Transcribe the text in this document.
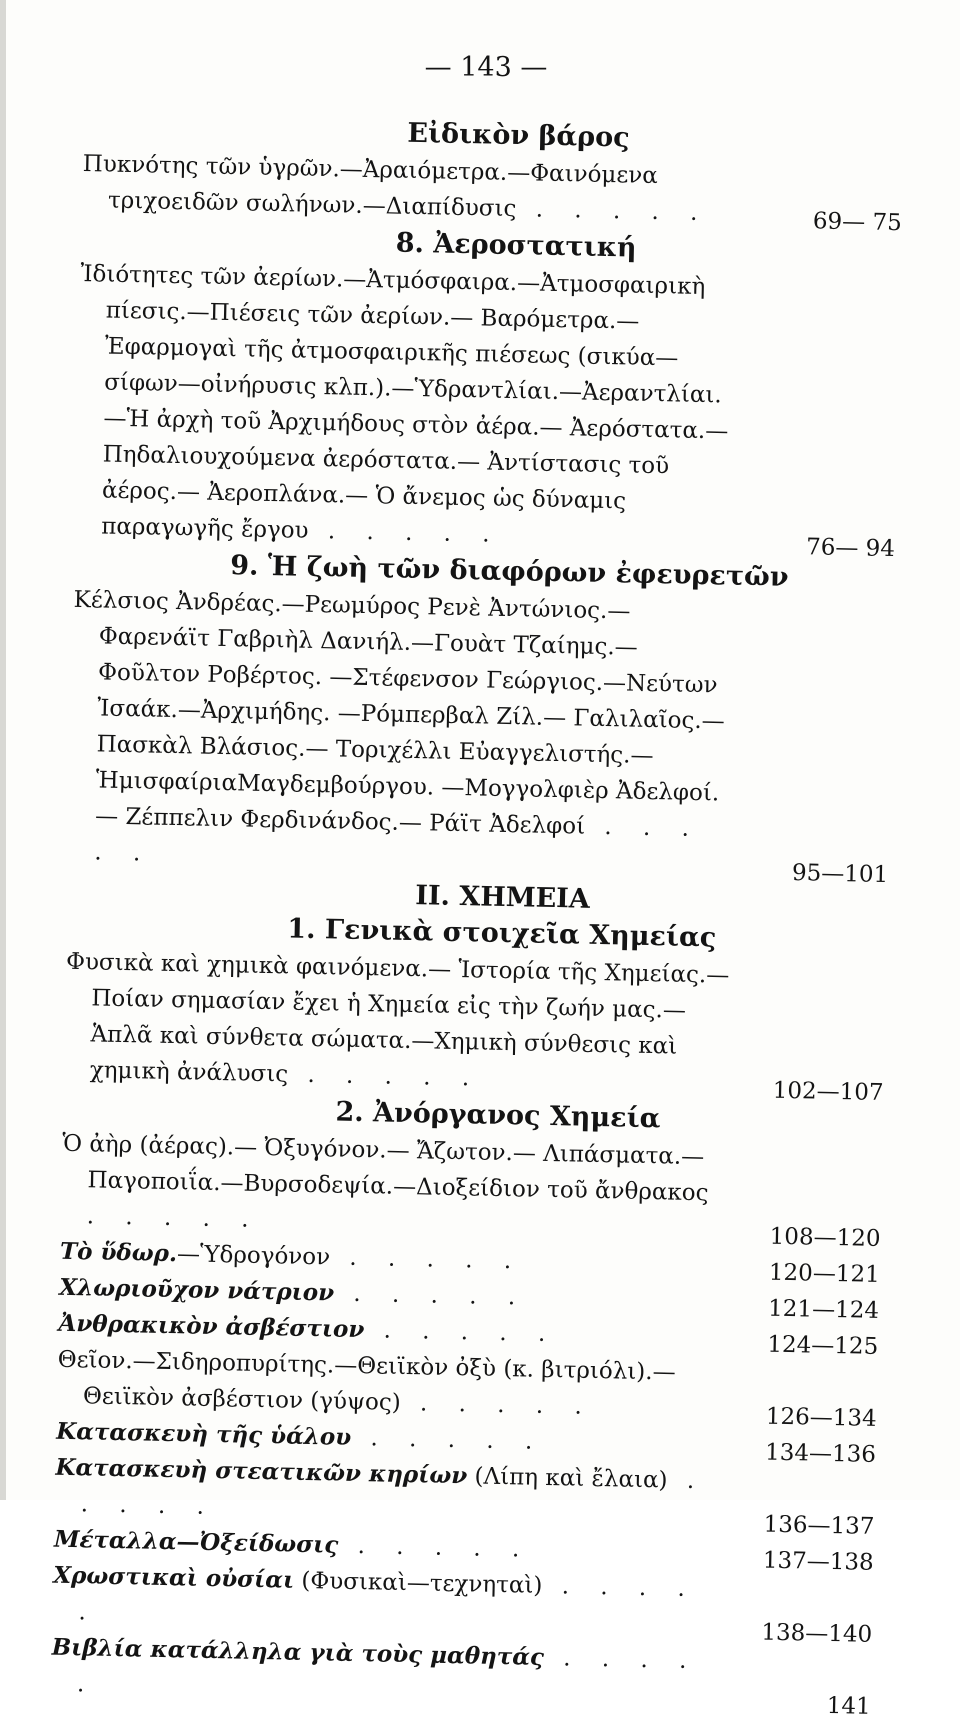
— 143 —
Εἰδικὸν βάρος
Πυκνότης τῶν ὑγρῶν.—Ἀραιόμετρα.—Φαινόμενα τριχοειδῶν σωλήνων.—Διαπίδυσις . . . . .	69— 75
8. Ἀεροστατική
Ἰδιότητες τῶν ἀερίων.—Ἀτμόσφαιρα.—Ἀτμοσφαιρικὴ πίεσις.—Πιέσεις τῶν ἀερίων.— Βαρόμετρα.— Ἐφαρμογαὶ τῆς ἀτμοσφαιρικῆς πιέσεως (σικύα—σίφων—οἰνήρυσις κλπ.).—Ὑδραντλίαι.—Ἀεραντλίαι.—Ἡ ἀρχὴ τοῦ Ἀρχιμήδους στὸν ἀέρα.— Ἀερόστατα.— Πηδαλιουχούμενα ἀερόστατα.— Ἀντίστασις τοῦ ἀέρος.— Ἀεροπλάνα.— Ὁ ἄνεμος ὡς δύναμις παραγωγῆς ἔργου . . . . .
76— 94
9. Ἡ ζωὴ τῶν διαφόρων ἐφευρετῶν
Κέλσιος Ἀνδρέας.—Ρεωμύρος Ρενὲ Ἀντώνιος.—Φαρενάϊτ Γαβριὴλ Δανιήλ.—Γουὰτ Τζαίημς.—Φοῦλτον Ροβέρτος. —Στέφενσον Γεώργιος.—Νεύτων Ἰσαάκ.—Ἀρχιμήδης. —Ρόμπερβαλ Ζίλ.— Γαλιλαῖος.— Πασκὰλ Βλάσιος.— Τοριχέλλι Εὐαγγελιστής.—ἩμισφαίριαΜαγδεμβούργου. —Μογγολφιὲρ Ἀδελφοί.— Ζέππελιν Φερδινάνδος.— Ράϊτ Ἀδελφοί . . . . .
95—101
II. ΧΗΜΕΙΑ
1. Γενικὰ στοιχεῖα Χημείας
Φυσικὰ καὶ χημικὰ φαινόμενα.— Ἱστορία τῆς Χημείας.— Ποίαν σημασίαν ἔχει ἡ Χημεία εἰς τὴν ζωήν μας.— Ἁπλᾶ καὶ σύνθετα σώματα.—Χημικὴ σύνθεσις καὶ χημικὴ ἀνάλυσις . . . . .
102—107
2. Ἀνόργανος Χημεία
Ὁ ἀὴρ (ἀέρας).— Ὀξυγόνον.— Ἄζωτον.— Λιπάσματα.— Παγοποιΐα.—Βυρσοδεψία.—Διοξείδιον τοῦ ἄνθρακος . . . . .
108—120
Τὸ ὕδωρ.—Ὑδρογόνον . . . . .	120—121
Χλωριοῦχον νάτριον . . . . .	121—124
Ἀνθρακικὸν ἀσβέστιον . . . . .	124—125
Θεῖον.—Σιδηροπυρίτης.—Θειϊκὸν ὀξὺ (κ. βιτριόλι).—Θειϊκὸν ἀσβέστιον (γύψος) . . . . .	126—134
Κατασκευὴ τῆς ὑάλου . . . . .	134—136
Κατασκευὴ στεατικῶν κηρίων (Λίπη καὶ ἔλαια) . . . . .
136—137
Μέταλλα—Ὀξείδωσις . . . . .	137—138
Χρωστικαὶ οὐσίαι (Φυσικαὶ—τεχνηταὶ) . . . . .
138—140
Βιβλία κατάλληλα γιὰ τοὺς μαθητάς . . . . .
141
